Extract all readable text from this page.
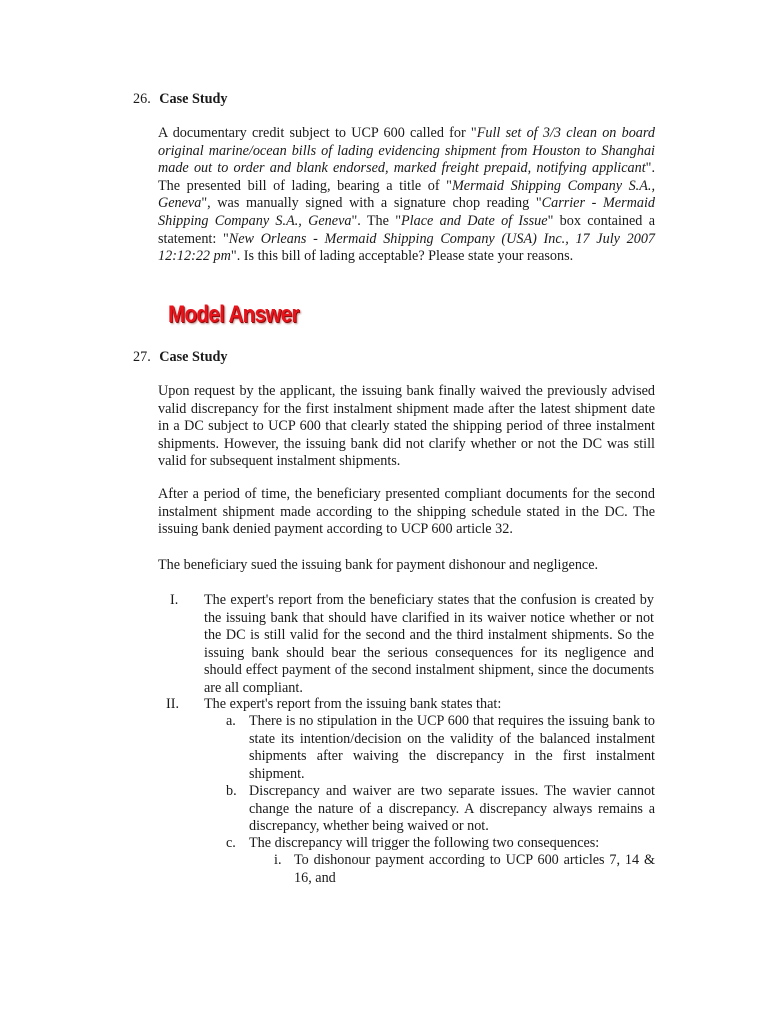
26. Case Study

A documentary credit subject to UCP 600 called for "Full set of 3/3 clean on board original marine/ocean bills of lading evidencing shipment from Houston to Shanghai made out to order and blank endorsed, marked freight prepaid, notifying applicant". The presented bill of lading, bearing a title of "Mermaid Shipping Company S.A., Geneva", was manually signed with a signature chop reading "Carrier - Mermaid Shipping Company S.A., Geneva". The "Place and Date of Issue" box contained a statement: "New Orleans - Mermaid Shipping Company (USA) Inc., 17 July 2007 12:12:22 pm". Is this bill of lading acceptable? Please state your reasons.

Model Answer
27. Case Study

Upon request by the applicant, the issuing bank finally waived the previously advised valid discrepancy for the first instalment shipment made after the latest shipment date in a DC subject to UCP 600 that clearly stated the shipping period of three instalment shipments. However, the issuing bank did not clarify whether or not the DC was still valid for subsequent instalment shipments.

After a period of time, the beneficiary presented compliant documents for the second instalment shipment made according to the shipping schedule stated in the DC. The issuing bank denied payment according to UCP 600 article 32.

The beneficiary sued the issuing bank for payment dishonour and negligence.

I. The expert's report from the beneficiary states that the confusion is created by the issuing bank that should have clarified in its waiver notice whether or not the DC is still valid for the second and the third instalment shipments. So the issuing bank should bear the serious consequences for its negligence and should effect payment of the second instalment shipment, since the documents are all compliant.
II. The expert's report from the issuing bank states that:
a. There is no stipulation in the UCP 600 that requires the issuing bank to state its intention/decision on the validity of the balanced instalment shipments after waiving the discrepancy in the first instalment shipment.
b. Discrepancy and waiver are two separate issues. The wavier cannot change the nature of a discrepancy. A discrepancy always remains a discrepancy, whether being waived or not.
c. The discrepancy will trigger the following two consequences:
i. To dishonour payment according to UCP 600 articles 7, 14 & 16, and
